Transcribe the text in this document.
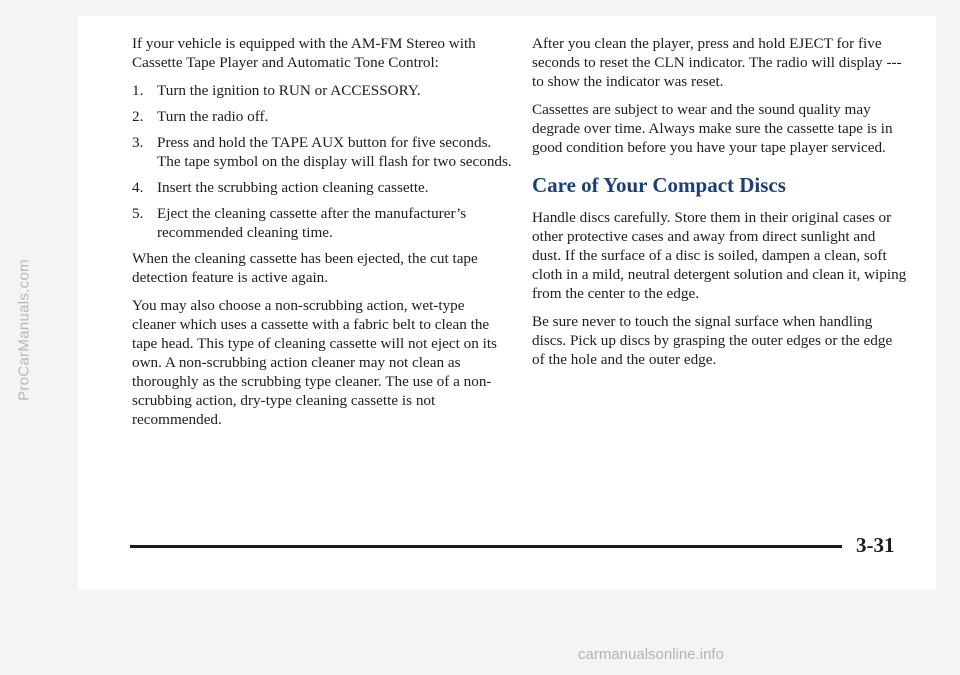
ProCarManuals.com

If your vehicle is equipped with the AM-FM Stereo with Cassette Tape Player and Automatic Tone Control:

1. Turn the ignition to RUN or ACCESSORY.
2. Turn the radio off.
3. Press and hold the TAPE AUX button for five seconds. The tape symbol on the display will flash for two seconds.
4. Insert the scrubbing action cleaning cassette.
5. Eject the cleaning cassette after the manufacturer’s recommended cleaning time.

When the cleaning cassette has been ejected, the cut tape detection feature is active again.

You may also choose a non-scrubbing action, wet-type cleaner which uses a cassette with a fabric belt to clean the tape head. This type of cleaning cassette will not eject on its own. A non-scrubbing action cleaner may not clean as thoroughly as the scrubbing type cleaner. The use of a non-scrubbing action, dry-type cleaning cassette is not recommended.

After you clean the player, press and hold EJECT for five seconds to reset the CLN indicator. The radio will display --- to show the indicator was reset.

Cassettes are subject to wear and the sound quality may degrade over time. Always make sure the cassette tape is in good condition before you have your tape player serviced.

Care of Your Compact Discs

Handle discs carefully. Store them in their original cases or other protective cases and away from direct sunlight and dust. If the surface of a disc is soiled, dampen a clean, soft cloth in a mild, neutral detergent solution and clean it, wiping from the center to the edge.

Be sure never to touch the signal surface when handling discs. Pick up discs by grasping the outer edges or the edge of the hole and the outer edge.

3-31
carmanualsonline.info
